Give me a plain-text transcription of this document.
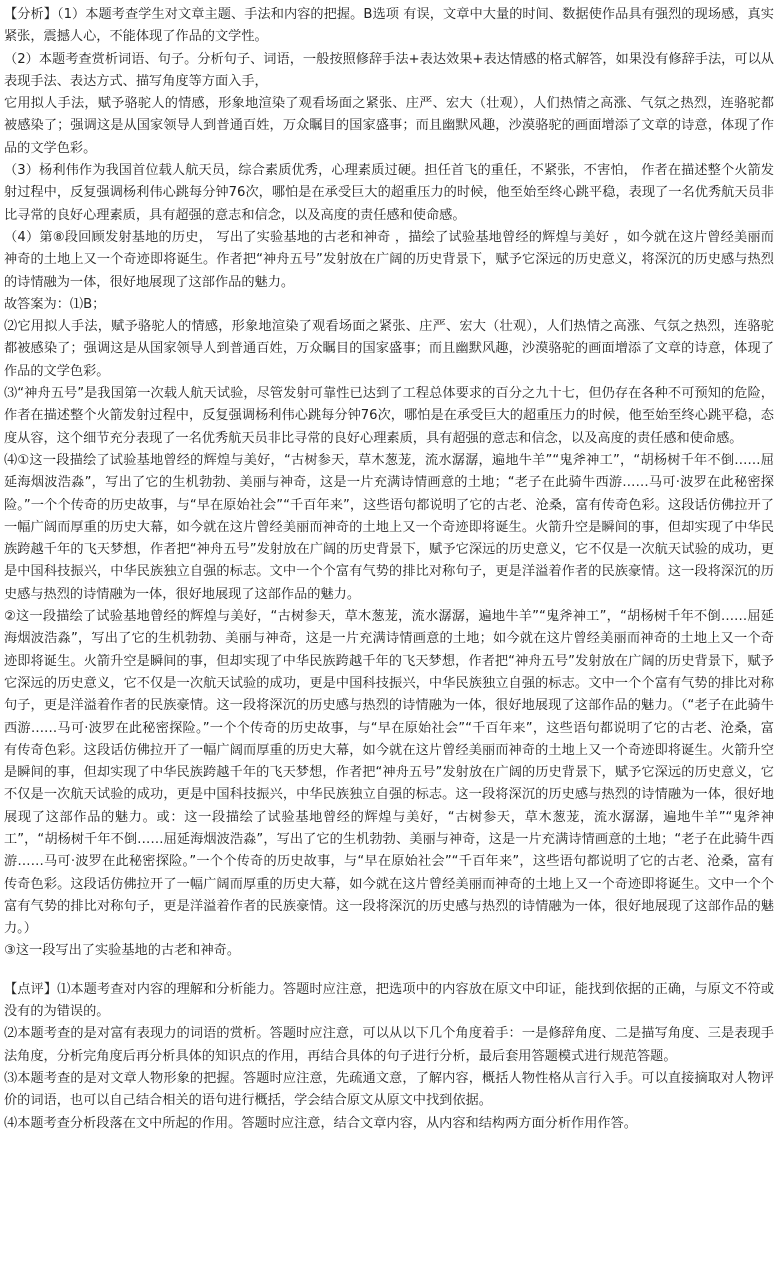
【分析】（1）本题考查学生对文章主题、手法和内容的把握。B选项 有误，文章中大量的时间、数据使作品具有强烈的现场感，真实紧张，震撼人心，不能体现了作品的文学性。

（2）本题考查赏析词语、句子。分析句子、词语，一般按照修辞手法+表达效果+表达情感的格式解答，如果没有修辞手法，可以从表现手法、表达方式、描写角度等方面入手，

它用拟人手法，赋予骆驼人的情感，形象地渲染了观看场面之紧张、庄严、宏大（壮观），人们热情之高涨、气氛之热烈，连骆驼都被感染了；强调这是从国家领导人到普通百姓，万众瞩目的国家盛事；而且幽默风趣，沙漠骆驼的画面增添了文章的诗意，体现了作品的文学色彩。

（3）杨利伟作为我国首位载人航天员，综合素质优秀，心理素质过硬。担任首飞的重任，不紧张，不害怕， 作者在描述整个火箭发射过程中，反复强调杨利伟心跳每分钟76次，哪怕是在承受巨大的超重压力的时候，他至始至终心跳平稳，表现了一名优秀航天员非比寻常的良好心理素质，具有超强的意志和信念，以及高度的责任感和使命感。

（4）第⑧段回顾发射基地的历史， 写出了实验基地的古老和神奇 ，描绘了试验基地曾经的辉煌与美好 ，如今就在这片曾经美丽而神奇的土地上又一个奇迹即将诞生。作者把“神舟五号”发射放在广阔的历史背景下，赋予它深远的历史意义，将深沉的历史感与热烈的诗情融为一体，很好地展现了这部作品的魅力。

故答案为：⑴B；

⑵它用拟人手法，赋予骆驼人的情感，形象地渲染了观看场面之紧张、庄严、宏大（壮观），人们热情之高涨、气氛之热烈，连骆驼都被感染了；强调这是从国家领导人到普通百姓，万众瞩目的国家盛事；而且幽默风趣，沙漠骆驼的画面增添了文章的诗意，体现了作品的文学色彩。

⑶“神舟五号”是我国第一次载人航天试验，尽管发射可靠性已达到了工程总体要求的百分之九十七，但仍存在各种不可预知的危险，作者在描述整个火箭发射过程中，反复强调杨利伟心跳每分钟76次，哪怕是在承受巨大的超重压力的时候，他至始至终心跳平稳，态度从容，这个细节充分表现了一名优秀航天员非比寻常的良好心理素质，具有超强的意志和信念，以及高度的责任感和使命感。

⑷①这一段描绘了试验基地曾经的辉煌与美好，“古树参天，草木葱茏，流水潺潺，遍地牛羊”“鬼斧神工”，“胡杨树千年不倒……屈延海烟波浩淼”，写出了它的生机勃勃、美丽与神奇，这是一片充满诗情画意的土地；“老子在此骑牛西游……马可·波罗在此秘密探险。”一个个传奇的历史故事，与“早在原始社会”“千百年来”，这些语句都说明了它的古老、沧桑，富有传奇色彩。这段话仿佛拉开了一幅广阔而厚重的历史大幕，如今就在这片曾经美丽而神奇的土地上又一个奇迹即将诞生。火箭升空是瞬间的事，但却实现了中华民族跨越千年的飞天梦想，作者把“神舟五号”发射放在广阔的历史背景下，赋予它深远的历史意义，它不仅是一次航天试验的成功，更是中国科技振兴，中华民族独立自强的标志。文中一个个富有气势的排比对称句子，更是洋溢着作者的民族豪情。这一段将深沉的历史感与热烈的诗情融为一体，很好地展现了这部作品的魅力。

②这一段描绘了试验基地曾经的辉煌与美好，“古树参天，草木葱茏，流水潺潺，遍地牛羊”“鬼斧神工”，“胡杨树千年不倒……屈延海烟波浩淼”，写出了它的生机勃勃、美丽与神奇，这是一片充满诗情画意的土地；如今就在这片曾经美丽而神奇的土地上又一个奇迹即将诞生。火箭升空是瞬间的事，但却实现了中华民族跨越千年的飞天梦想，作者把“神舟五号”发射放在广阔的历史背景下，赋予它深远的历史意义，它不仅是一次航天试验的成功，更是中国科技振兴，中华民族独立自强的标志。文中一个个富有气势的排比对称句子，更是洋溢着作者的民族豪情。这一段将深沉的历史感与热烈的诗情融为一体，很好地展现了这部作品的魅力。（“老子在此骑牛西游……马可·波罗在此秘密探险。”一个个传奇的历史故事，与“早在原始社会”“千百年来”，这些语句都说明了它的古老、沧桑，富有传奇色彩。这段话仿佛拉开了一幅广阔而厚重的历史大幕，如今就在这片曾经美丽而神奇的土地上又一个奇迹即将诞生。火箭升空是瞬间的事，但却实现了中华民族跨越千年的飞天梦想，作者把“神舟五号”发射放在广阔的历史背景下，赋予它深远的历史意义，它不仅是一次航天试验的成功，更是中国科技振兴，中华民族独立自强的标志。这一段将深沉的历史感与热烈的诗情融为一体，很好地展现了这部作品的魅力。或：这一段描绘了试验基地曾经的辉煌与美好，“古树参天，草木葱茏，流水潺潺，遍地牛羊”“鬼斧神工”，“胡杨树千年不倒……屈延海烟波浩淼”，写出了它的生机勃勃、美丽与神奇，这是一片充满诗情画意的土地；“老子在此骑牛西游……马可·波罗在此秘密探险。”一个个传奇的历史故事，与“早在原始社会”“千百年来”，这些语句都说明了它的古老、沧桑，富有传奇色彩。这段话仿佛拉开了一幅广阔而厚重的历史大幕，如今就在这片曾经美丽而神奇的土地上又一个奇迹即将诞生。文中一个个富有气势的排比对称句子，更是洋溢着作者的民族豪情。这一段将深沉的历史感与热烈的诗情融为一体，很好地展现了这部作品的魅力。）

③这一段写出了实验基地的古老和神奇。

【点评】⑴本题考查对内容的理解和分析能力。答题时应注意，把选项中的内容放在原文中印证，能找到依据的正确，与原文不符或没有的为错误的。

⑵本题考查的是对富有表现力的词语的赏析。答题时应注意，可以从以下几个角度着手：一是修辞角度、二是描写角度、三是表现手法角度，分析完角度后再分析具体的知识点的作用，再结合具体的句子进行分析，最后套用答题模式进行规范答题。

⑶本题考查的是对文章人物形象的把握。答题时应注意，先疏通文意，了解内容，概括人物性格从言行入手。可以直接摘取对人物评价的词语，也可以自己结合相关的语句进行概括，学会结合原文从原文中找到依据。

⑷本题考查分析段落在文中所起的作用。答题时应注意，结合文章内容，从内容和结构两方面分析作用作答。
